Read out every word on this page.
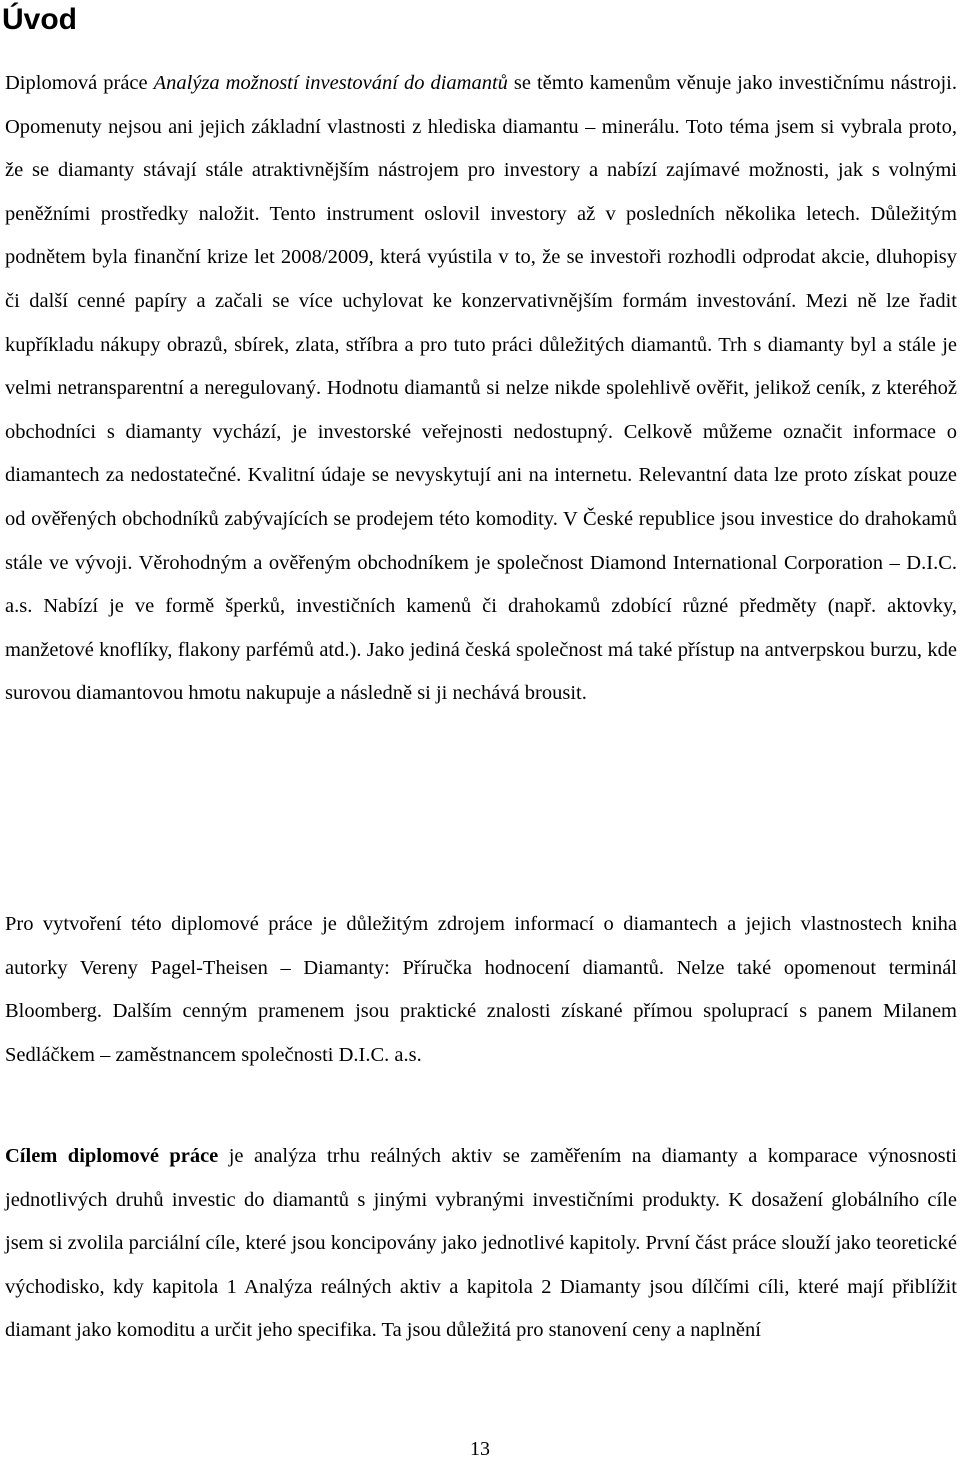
Úvod

Diplomová práce Analýza možností investování do diamantů se těmto kamenům věnuje jako investičnímu nástroji. Opomenuty nejsou ani jejich základní vlastnosti z hlediska diamantu – minerálu. Toto téma jsem si vybrala proto, že se diamanty stávají stále atraktivnějším nástrojem pro investory a nabízí zajímavé možnosti, jak s volnými peněžními prostředky naložit. Tento instrument oslovil investory až v posledních několika letech. Důležitým podnětem byla finanční krize let 2008/2009, která vyústila v to, že se investoři rozhodli odprodat akcie, dluhopisy či další cenné papíry a začali se více uchylovat ke konzervativnějším formám investování. Mezi ně lze řadit kupříkladu nákupy obrazů, sbírek, zlata, stříbra a pro tuto práci důležitých diamantů. Trh s diamanty byl a stále je velmi netransparentní a neregulovaný. Hodnotu diamantů si nelze nikde spolehlivě ověřit, jelikož ceník, z kteréhož obchodníci s diamanty vychází, je investorské veřejnosti nedostupný. Celkově můžeme označit informace o diamantech za nedostatečné. Kvalitní údaje se nevyskytují ani na internetu. Relevantní data lze proto získat pouze od ověřených obchodníků zabývajících se prodejem této komodity. V České republice jsou investice do drahokamů stále ve vývoji. Věrohodným a ověřeným obchodníkem je společnost Diamond International Corporation – D.I.C. a.s. Nabízí je ve formě šperků, investičních kamenů či drahokamů zdobící různé předměty (např. aktovky, manžetové knoflíky, flakony parfémů atd.). Jako jediná česká společnost má také přístup na antverpskou burzu, kde surovou diamantovou hmotu nakupuje a následně si ji nechává brousit.

Pro vytvoření této diplomové práce je důležitým zdrojem informací o diamantech a jejich vlastnostech kniha autorky Vereny Pagel-Theisen – Diamanty: Příručka hodnocení diamantů. Nelze také opomenout terminál Bloomberg. Dalším cenným pramenem jsou praktické znalosti získané přímou spoluprací s panem Milanem Sedláčkem – zaměstnancem společnosti D.I.C. a.s.

Cílem diplomové práce je analýza trhu reálných aktiv se zaměřením na diamanty a komparace výnosnosti jednotlivých druhů investic do diamantů s jinými vybranými investičními produkty. K dosažení globálního cíle jsem si zvolila parciální cíle, které jsou koncipovány jako jednotlivé kapitoly. První část práce slouží jako teoretické východisko, kdy kapitola 1 Analýza reálných aktiv a kapitola 2 Diamanty jsou dílčími cíli, které mají přiblížit diamant jako komoditu a určit jeho specifika. Ta jsou důležitá pro stanovení ceny a naplnění

13
